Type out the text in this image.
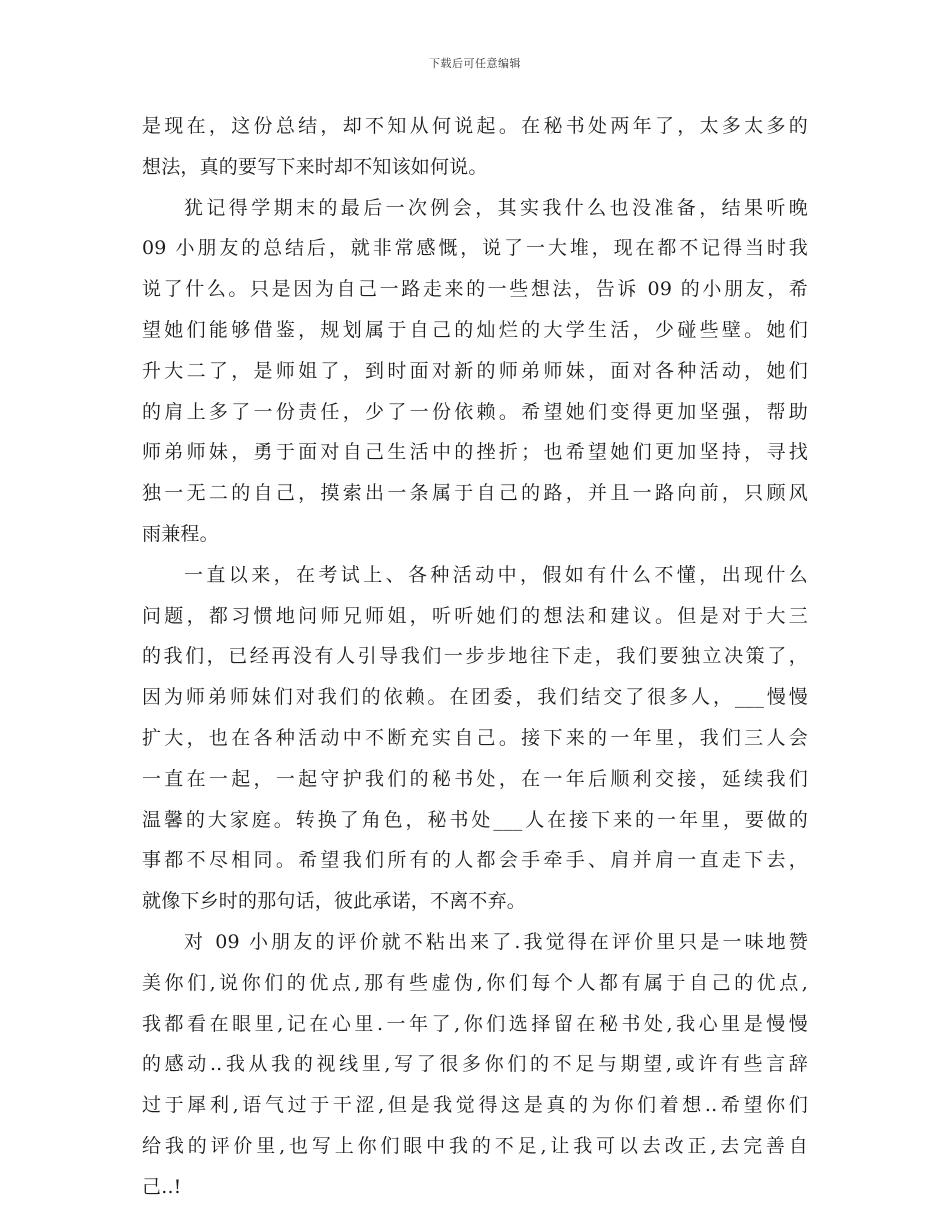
下载后可任意编辑
是现在，这份总结，却不知从何说起。在秘书处两年了，太多太多的
想法，真的要写下来时却不知该如何说。
犹记得学期末的最后一次例会，其实我什么也没准备，结果听晚
09 小朋友的总结后，就非常感慨，说了一大堆，现在都不记得当时我
说了什么。只是因为自己一路走来的一些想法，告诉 09 的小朋友，希
望她们能够借鉴，规划属于自己的灿烂的大学生活，少碰些壁。她们
升大二了，是师姐了，到时面对新的师弟师妹，面对各种活动，她们
的肩上多了一份责任，少了一份依赖。希望她们变得更加坚强，帮助
师弟师妹，勇于面对自己生活中的挫折；也希望她们更加坚持，寻找
独一无二的自己，摸索出一条属于自己的路，并且一路向前，只顾风
雨兼程。
一直以来，在考试上、各种活动中，假如有什么不懂，出现什么
问题，都习惯地问师兄师姐，听听她们的想法和建议。但是对于大三
的我们，已经再没有人引导我们一步步地往下走，我们要独立决策了，
因为师弟师妹们对我们的依赖。在团委，我们结交了很多人，___慢慢
扩大，也在各种活动中不断充实自己。接下来的一年里，我们三人会
一直在一起，一起守护我们的秘书处，在一年后顺利交接，延续我们
温馨的大家庭。转换了角色，秘书处___人在接下来的一年里，要做的
事都不尽相同。希望我们所有的人都会手牵手、肩并肩一直走下去，
就像下乡时的那句话，彼此承诺，不离不弃。
对 09 小朋友的评价就不粘出来了.我觉得在评价里只是一味地赞
美你们,说你们的优点,那有些虚伪,你们每个人都有属于自己的优点,
我都看在眼里,记在心里.一年了,你们选择留在秘书处,我心里是慢慢
的感动..我从我的视线里,写了很多你们的不足与期望,或许有些言辞
过于犀利,语气过于干涩,但是我觉得这是真的为你们着想..希望你们
给我的评价里,也写上你们眼中我的不足,让我可以去改正,去完善自
己..!
